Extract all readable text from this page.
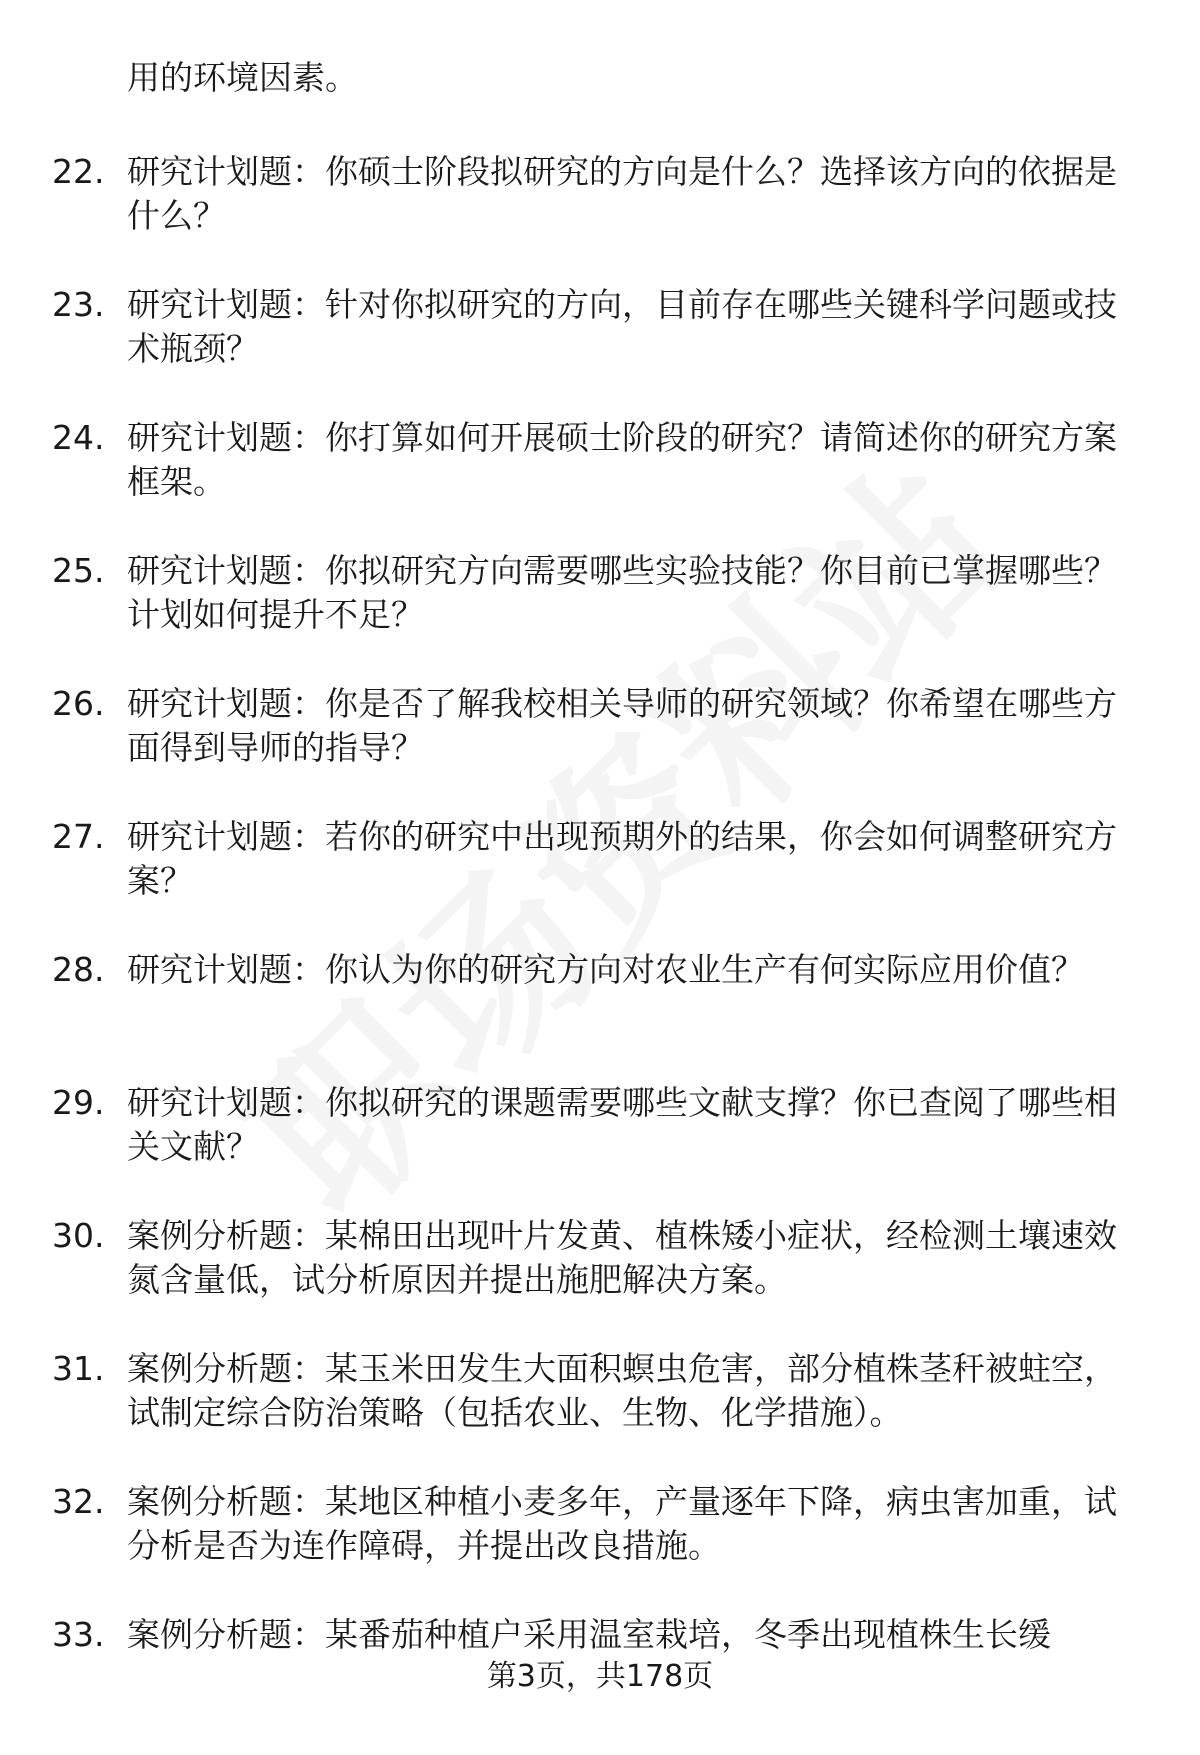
用的环境因素。
22. 研究计划题：你硕士阶段拟研究的方向是什么？选择该方向的依据是什么？
23. 研究计划题：针对你拟研究的方向，目前存在哪些关键科学问题或技术瓶颈？
24. 研究计划题：你打算如何开展硕士阶段的研究？请简述你的研究方案框架。
25. 研究计划题：你拟研究方向需要哪些实验技能？你目前已掌握哪些？计划如何提升不足？
26. 研究计划题：你是否了解我校相关导师的研究领域？你希望在哪些方面得到导师的指导？
27. 研究计划题：若你的研究中出现预期外的结果，你会如何调整研究方案？
28. 研究计划题：你认为你的研究方向对农业生产有何实际应用价值？
29. 研究计划题：你拟研究的课题需要哪些文献支撑？你已查阅了哪些相关文献？
30. 案例分析题：某棉田出现叶片发黄、植株矮小症状，经检测土壤速效氮含量低，试分析原因并提出施肥解决方案。
31. 案例分析题：某玉米田发生大面积螟虫危害，部分植株茎秆被蛀空，试制定综合防治策略（包括农业、生物、化学措施）。
32. 案例分析题：某地区种植小麦多年，产量逐年下降，病虫害加重，试分析是否为连作障碍，并提出改良措施。
33. 案例分析题：某番茄种植户采用温室栽培，冬季出现植株生长缓
第3页，共178页
